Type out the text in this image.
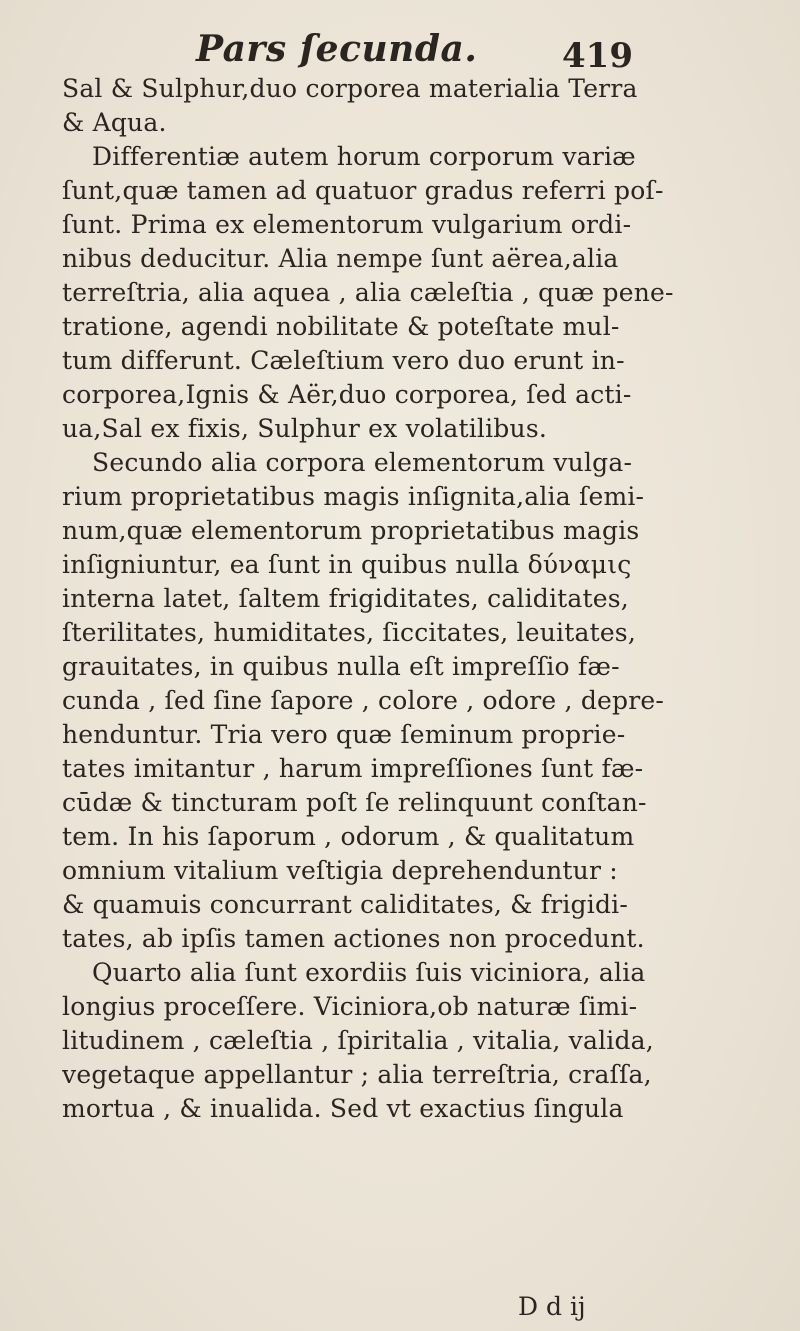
Pars ſecunda. 419
Sal & Sulphur,duo corporea materialia Terra
& Aqua.
Differentiæ autem horum corporum variæ
ſunt,quæ tamen ad quatuor gradus referri poſ-
ſunt. Prima ex elementorum vulgarium ordi-
nibus deducitur. Alia nempe ſunt aërea,alia
terreſtria, alia aquea , alia cæleſtia , quæ pene-
tratione, agendi nobilitate & poteſtate mul-
tum differunt. Cæleſtium vero duo erunt in-
corporea,Ignis & Aër,duo corporea, ſed acti-
ua,Sal ex fixis, Sulphur ex volatilibus.
Secundo alia corpora elementorum vulga-
rium proprietatibus magis inſignita,alia ſemi-
num,quæ elementorum proprietatibus magis
inſigniuntur, ea ſunt in quibus nulla δύναμις
interna latet, ſaltem frigiditates, caliditates,
ſterilitates, humiditates, ſiccitates, leuitates,
grauitates, in quibus nulla eſt impreſſio fæ-
cunda , ſed ſine ſapore , colore , odore , depre-
henduntur. Tria vero quæ ſeminum proprie-
tates imitantur , harum impreſſiones ſunt fæ-
cūdæ & tincturam poſt ſe relinquunt conſtan-
tem. In his ſaporum , odorum , & qualitatum
omnium vitalium veſtigia deprehenduntur :
& quamuis concurrant caliditates, & frigidi-
tates, ab ipſis tamen actiones non procedunt.
Quarto alia ſunt exordiis ſuis viciniora, alia
longius proceſſere. Viciniora,ob naturæ ſimi-
litudinem , cæleſtia , ſpiritalia , vitalia, valida,
vegetaque appellantur ; alia terreſtria, craſſa,
mortua , & inualida. Sed vt exactius ſingula
D d ij
